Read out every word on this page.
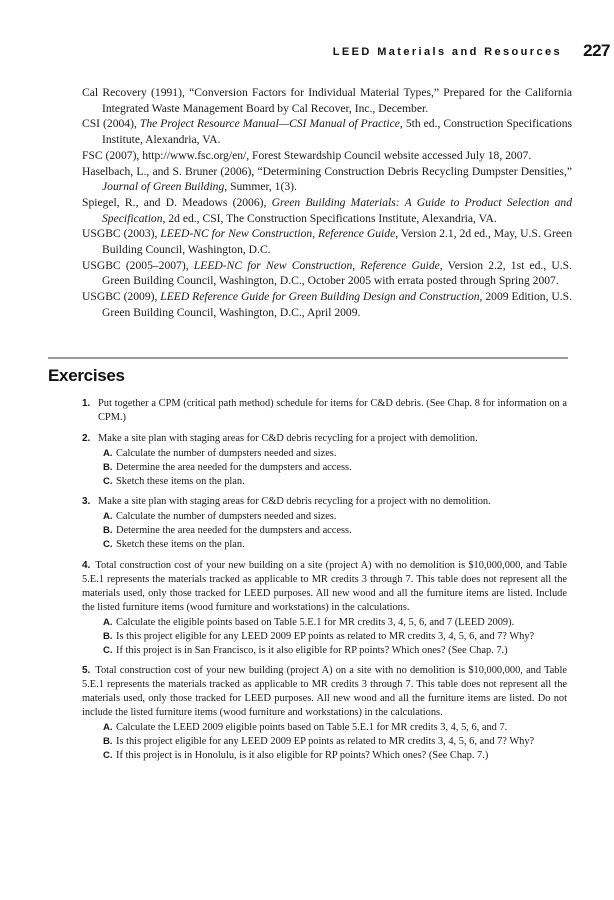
LEED Materials and Resources 227

Cal Recovery (1991), “Conversion Factors for Individual Material Types,” Prepared for the California Integrated Waste Management Board by Cal Recover, Inc., December.

CSI (2004), The Project Resource Manual—CSI Manual of Practice, 5th ed., Construction Specifications Institute, Alexandria, VA.

FSC (2007), http://www.fsc.org/en/, Forest Stewardship Council website accessed July 18, 2007.

Haselbach, L., and S. Bruner (2006), “Determining Construction Debris Recycling Dumpster Densities,” Journal of Green Building, Summer, 1(3).

Spiegel, R., and D. Meadows (2006), Green Building Materials: A Guide to Product Selection and Specification, 2d ed., CSI, The Construction Specifications Institute, Alexandria, VA.

USGBC (2003), LEED-NC for New Construction, Reference Guide, Version 2.1, 2d ed., May, U.S. Green Building Council, Washington, D.C.

USGBC (2005–2007), LEED-NC for New Construction, Reference Guide, Version 2.2, 1st ed., U.S. Green Building Council, Washington, D.C., October 2005 with errata posted through Spring 2007.

USGBC (2009), LEED Reference Guide for Green Building Design and Construction, 2009 Edition, U.S. Green Building Council, Washington, D.C., April 2009.

Exercises

1. Put together a CPM (critical path method) schedule for items for C&D debris. (See Chap. 8 for information on a CPM.)

2. Make a site plan with staging areas for C&D debris recycling for a project with demolition.

A. Calculate the number of dumpsters needed and sizes.

B. Determine the area needed for the dumpsters and access.

C. Sketch these items on the plan.

3. Make a site plan with staging areas for C&D debris recycling for a project with no demolition.

A. Calculate the number of dumpsters needed and sizes.

B. Determine the area needed for the dumpsters and access.

C. Sketch these items on the plan.

4. Total construction cost of your new building on a site (project A) with no demolition is $10,000,000, and Table 5.E.1 represents the materials tracked as applicable to MR credits 3 through 7. This table does not represent all the materials used, only those tracked for LEED purposes. All new wood and all the furniture items are listed. Include the listed furniture items (wood furniture and workstations) in the calculations.

A. Calculate the eligible points based on Table 5.E.1 for MR credits 3, 4, 5, 6, and 7 (LEED 2009).

B. Is this project eligible for any LEED 2009 EP points as related to MR credits 3, 4, 5, 6, and 7? Why?

C. If this project is in San Francisco, is it also eligible for RP points? Which ones? (See Chap. 7.)

5. Total construction cost of your new building (project A) on a site with no demolition is $10,000,000, and Table 5.E.1 represents the materials tracked as applicable to MR credits 3 through 7. This table does not represent all the materials used, only those tracked for LEED purposes. All new wood and all the furniture items are listed. Do not include the listed furniture items (wood furniture and workstations) in the calculations.

A. Calculate the LEED 2009 eligible points based on Table 5.E.1 for MR credits 3, 4, 5, 6, and 7.

B. Is this project eligible for any LEED 2009 EP points as related to MR credits 3, 4, 5, 6, and 7? Why?

C. If this project is in Honolulu, is it also eligible for RP points? Which ones? (See Chap. 7.)
